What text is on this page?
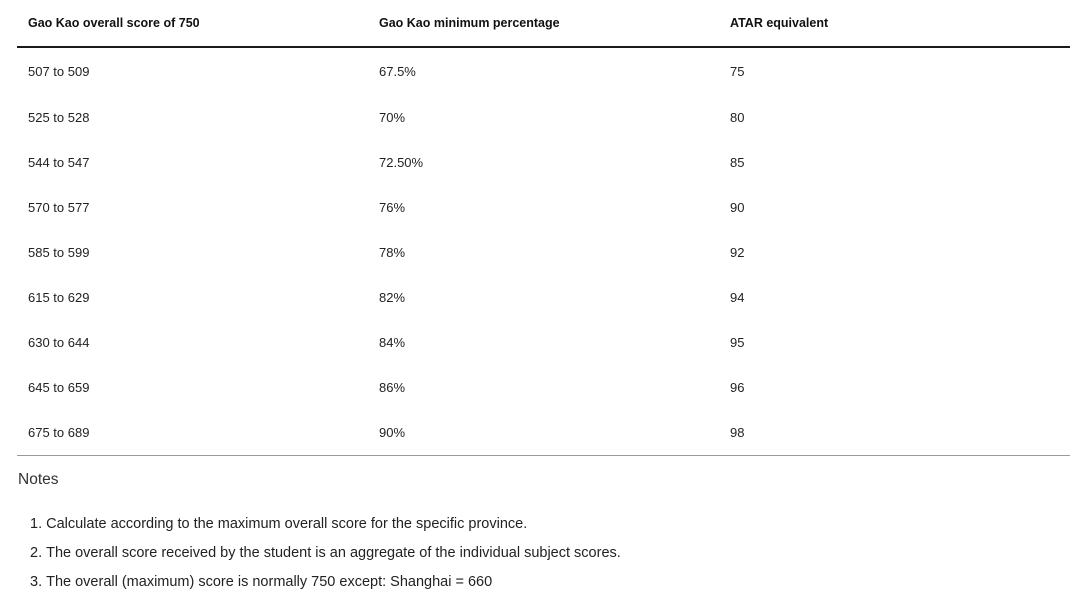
Gao Kao overall score of 750	Gao Kao minimum percentage	ATAR equivalent
507 to 509	67.5%	75
525 to 528	70%	80
544 to 547	72.50%	85
570 to 577	76%	90
585 to 599	78%	92
615 to 629	82%	94
630 to 644	84%	95
645 to 659	86%	96
675 to 689	90%	98
Notes
1. Calculate according to the maximum overall score for the specific province.
2. The overall score received by the student is an aggregate of the individual subject scores.
3. The overall (maximum) score is normally 750 except: Shanghai = 660
